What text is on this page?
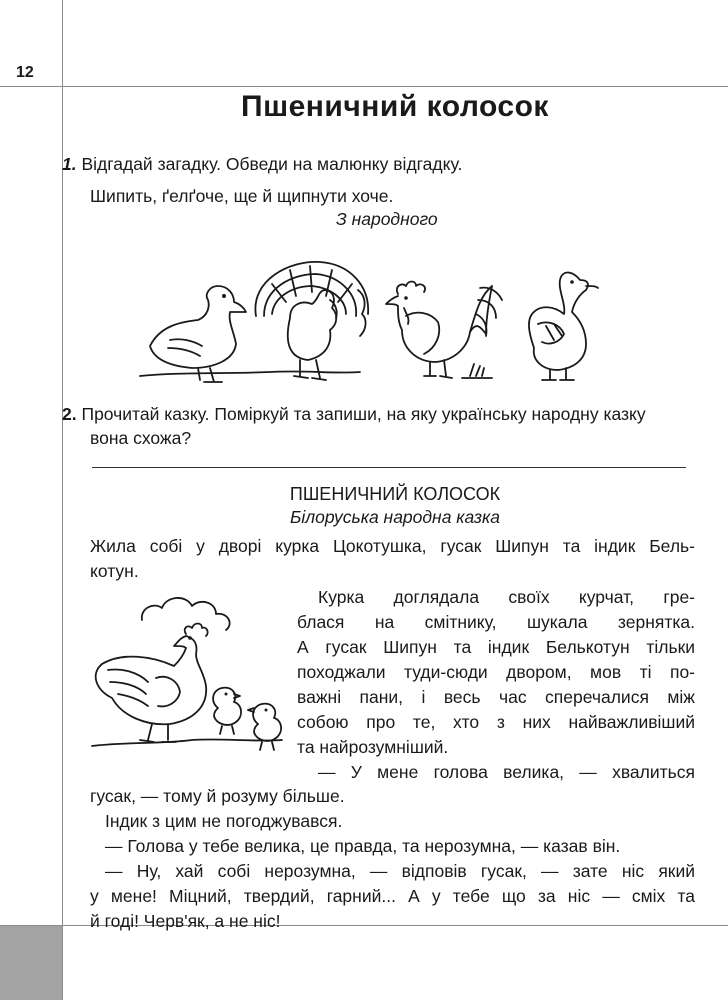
12
Пшеничний колосок
1. Відгадай загадку. Обведи на малюнку відгадку.
Шипить, ґелґоче, ще й щипнути хоче.
З народного
2. Прочитай казку. Поміркуй та запиши, на яку українську народну казку
вона схожа?
ПШЕНИЧНИЙ КОЛОСОК
Білоруська народна казка
Жила собі у дворі курка Цокотушка, гусак Шипун та індик Бель-
котун.
Курка доглядала своїх курчат, гре-
блася на смітнику, шукала зернятка.
А гусак Шипун та індик Белькотун тільки
походжали туди-сюди двором, мов ті по-
важні пани, і весь час сперечалися між
собою про те, хто з них найважливіший
та найрозумніший.
— У мене голова велика, — хвалиться
гусак, — тому й розуму більше.
Індик з цим не погоджувався.
— Голова у тебе велика, це правда, та нерозумна, — казав він.
— Ну, хай собі нерозумна, — відповів гусак, — зате ніс який
у мене! Міцний, твердий, гарний... А у тебе що за ніс — сміх та
й годі! Черв'як, а не ніс!
